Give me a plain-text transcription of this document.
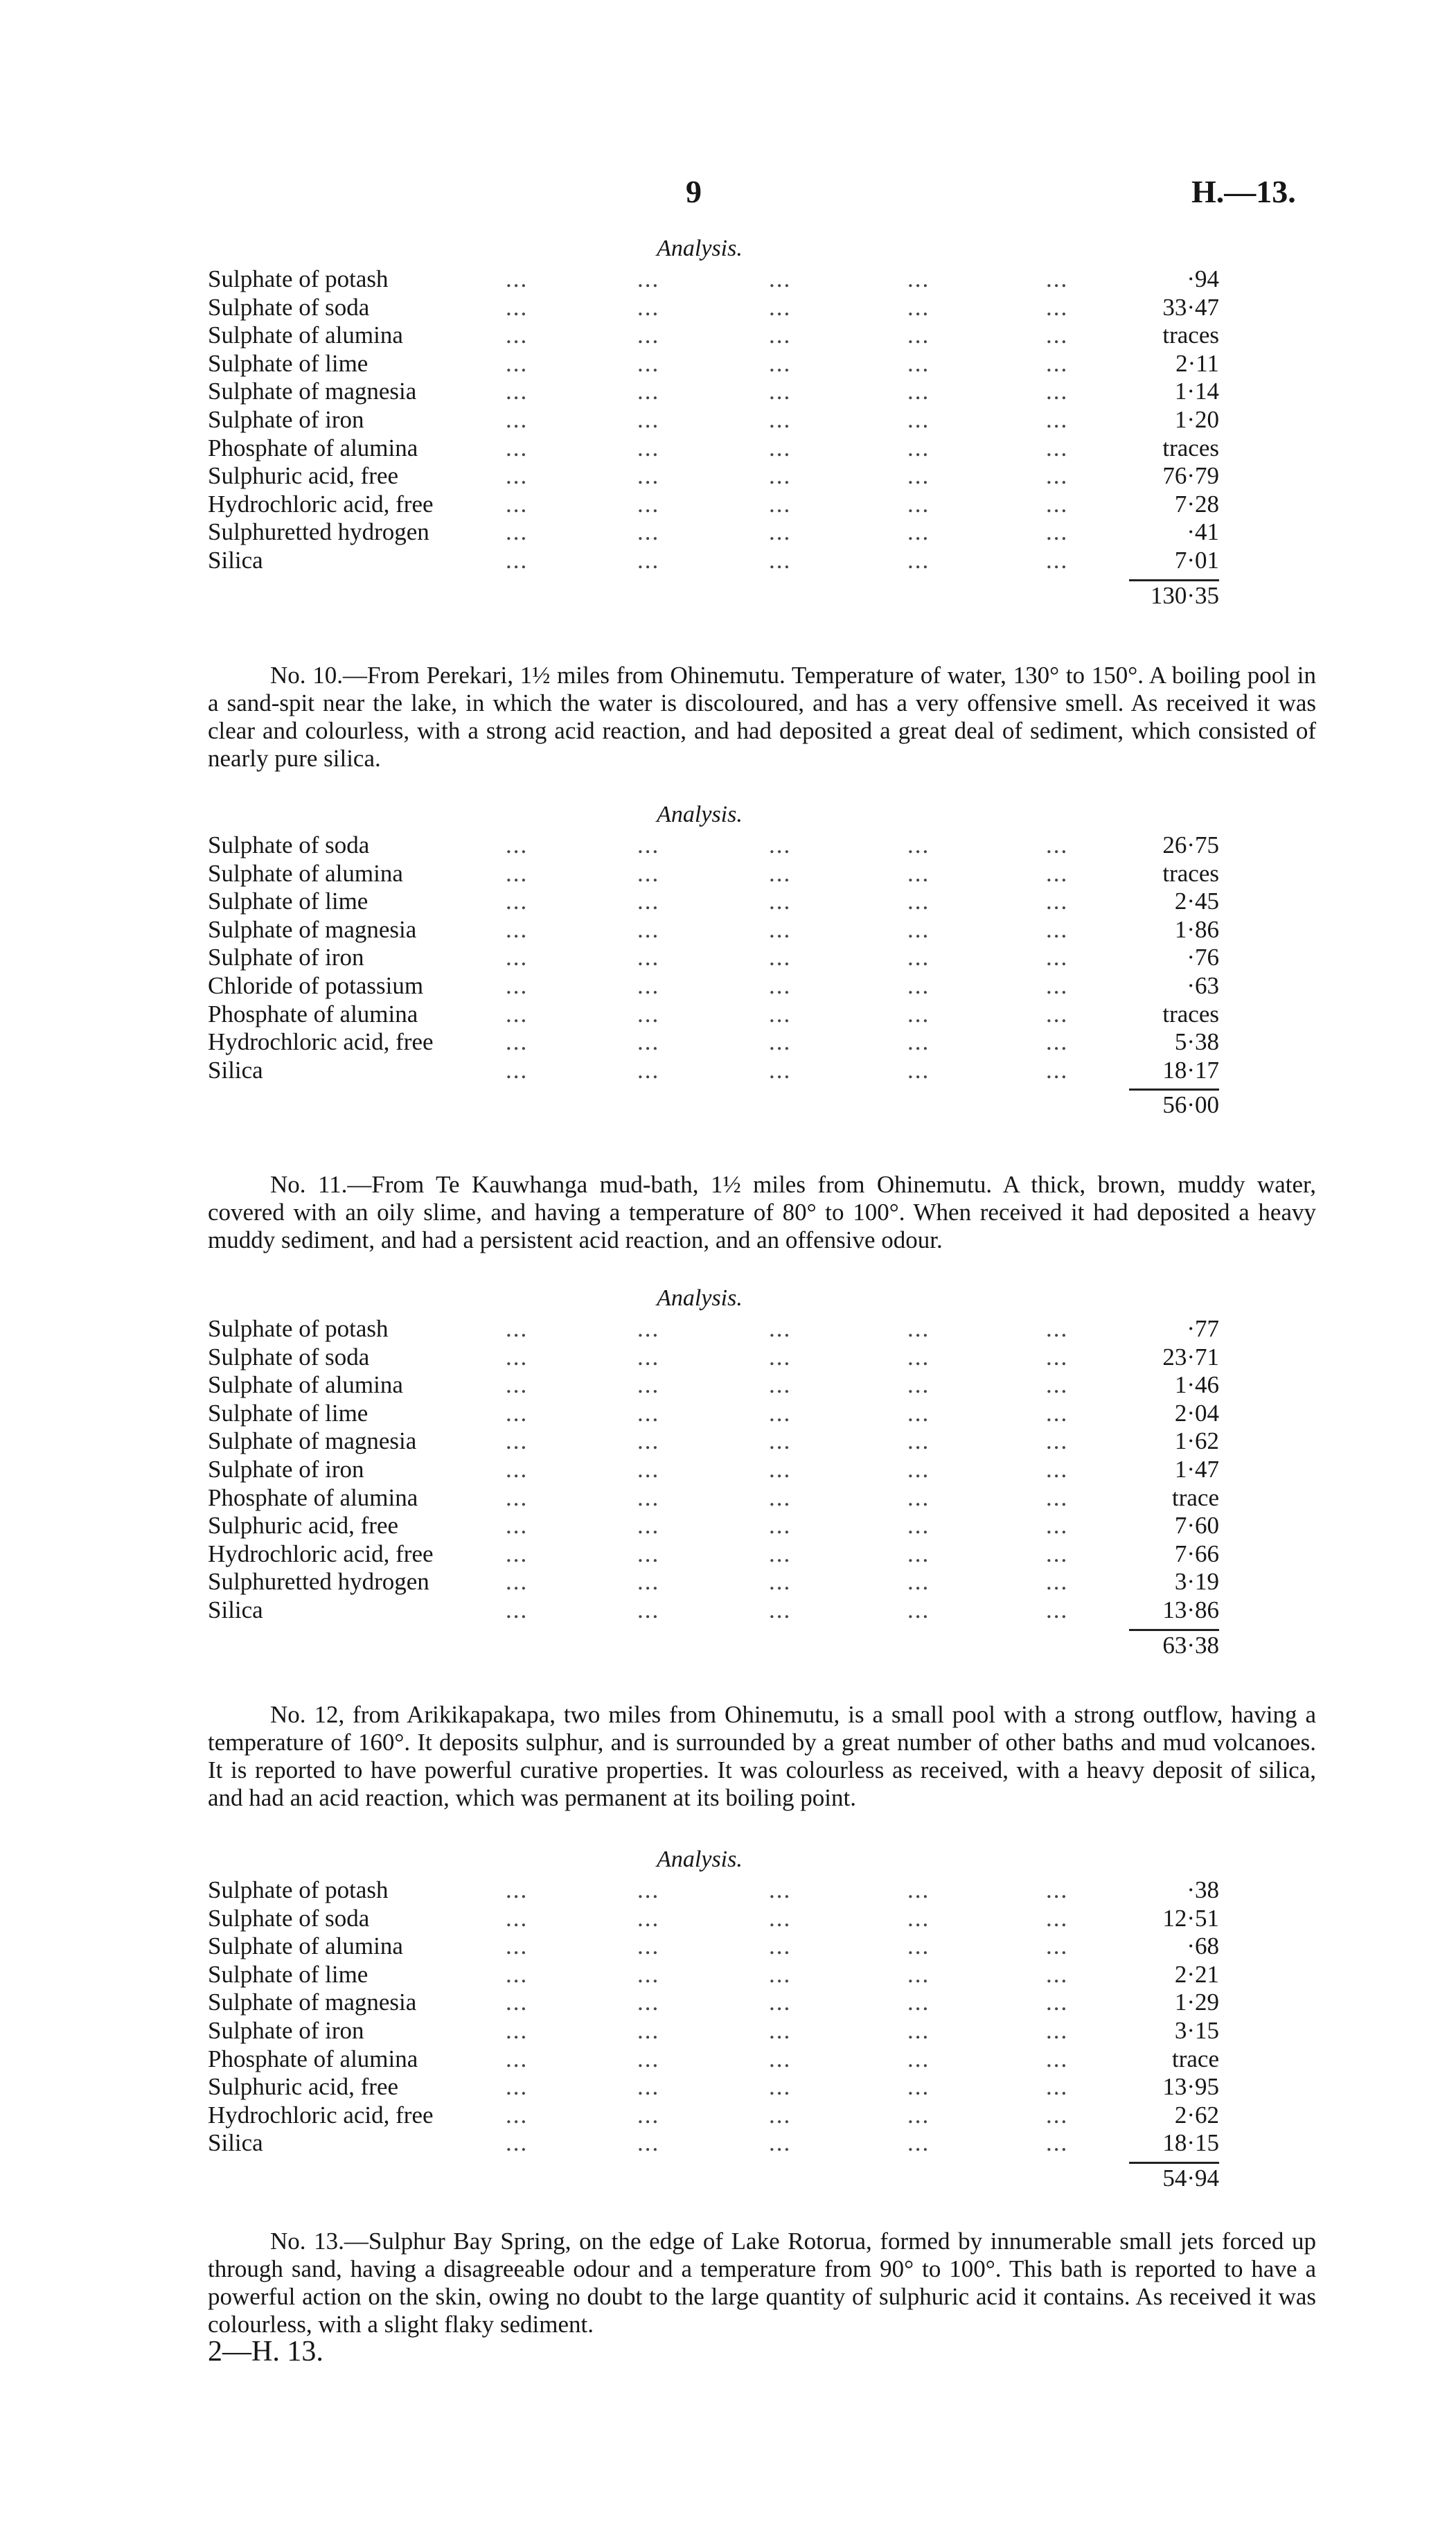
9	H.—13.
Analysis.
Sulphate of potash	...	...	...	...	...	·94
Sulphate of soda	...	...	...	...	...	33·47
Sulphate of alumina	...	...	...	...	...	traces
Sulphate of lime	...	...	...	...	...	2·11
Sulphate of magnesia	...	...	...	...	...	1·14
Sulphate of iron	...	...	...	...	...	1·20
Phosphate of alumina	...	...	...	...	...	traces
Sulphuric acid, free	...	...	...	...	...	76·79
Hydrochloric acid, free	...	...	...	...	...	7·28
Sulphuretted hydrogen	...	...	...	...	...	·41
Silica	...	...	...	...	...	7·01
130·35
No. 10.—From Perekari, 1½ miles from Ohinemutu. Temperature of water, 130° to 150°. A boiling pool in a sand-spit near the lake, in which the water is discoloured, and has a very offensive smell. As received it was clear and colourless, with a strong acid reaction, and had deposited a great deal of sediment, which consisted of nearly pure silica.
Analysis.
Sulphate of soda	...	...	...	...	...	26·75
Sulphate of alumina	...	...	...	...	...	traces
Sulphate of lime	...	...	...	...	...	2·45
Sulphate of magnesia	...	...	...	...	...	1·86
Sulphate of iron	...	...	...	...	...	·76
Chloride of potassium	...	...	...	...	...	·63
Phosphate of alumina	...	...	...	...	...	traces
Hydrochloric acid, free	...	...	...	...	...	5·38
Silica	...	...	...	...	...	18·17
56·00
No. 11.—From Te Kauwhanga mud-bath, 1½ miles from Ohinemutu. A thick, brown, muddy water, covered with an oily slime, and having a temperature of 80° to 100°. When received it had deposited a heavy muddy sediment, and had a persistent acid reaction, and an offensive odour.
Analysis.
Sulphate of potash	...	...	...	...	...	·77
Sulphate of soda	...	...	...	...	...	23·71
Sulphate of alumina	...	...	...	...	...	1·46
Sulphate of lime	...	...	...	...	...	2·04
Sulphate of magnesia	...	...	...	...	...	1·62
Sulphate of iron	...	...	...	...	...	1·47
Phosphate of alumina	...	...	...	...	...	trace
Sulphuric acid, free	...	...	...	...	...	7·60
Hydrochloric acid, free	...	...	...	...	...	7·66
Sulphuretted hydrogen	...	...	...	...	...	3·19
Silica	...	...	...	...	...	13·86
63·38
No. 12, from Arikikapakapa, two miles from Ohinemutu, is a small pool with a strong outflow, having a temperature of 160°. It deposits sulphur, and is surrounded by a great number of other baths and mud volcanoes. It is reported to have powerful curative properties. It was colourless as received, with a heavy deposit of silica, and had an acid reaction, which was permanent at its boiling point.
Analysis.
Sulphate of potash	...	...	...	...	...	·38
Sulphate of soda	...	...	...	...	...	12·51
Sulphate of alumina	...	...	...	...	...	·68
Sulphate of lime	...	...	...	...	...	2·21
Sulphate of magnesia	...	...	...	...	...	1·29
Sulphate of iron	...	...	...	...	...	3·15
Phosphate of alumina	...	...	...	...	...	trace
Sulphuric acid, free	...	...	...	...	...	13·95
Hydrochloric acid, free	...	...	...	...	...	2·62
Silica	...	...	...	...	...	18·15
54·94
No. 13.—Sulphur Bay Spring, on the edge of Lake Rotorua, formed by innumerable small jets forced up through sand, having a disagreeable odour and a temperature from 90° to 100°. This bath is reported to have a powerful action on the skin, owing no doubt to the large quantity of sulphuric acid it contains. As received it was colourless, with a slight flaky sediment.
2—H. 13.
